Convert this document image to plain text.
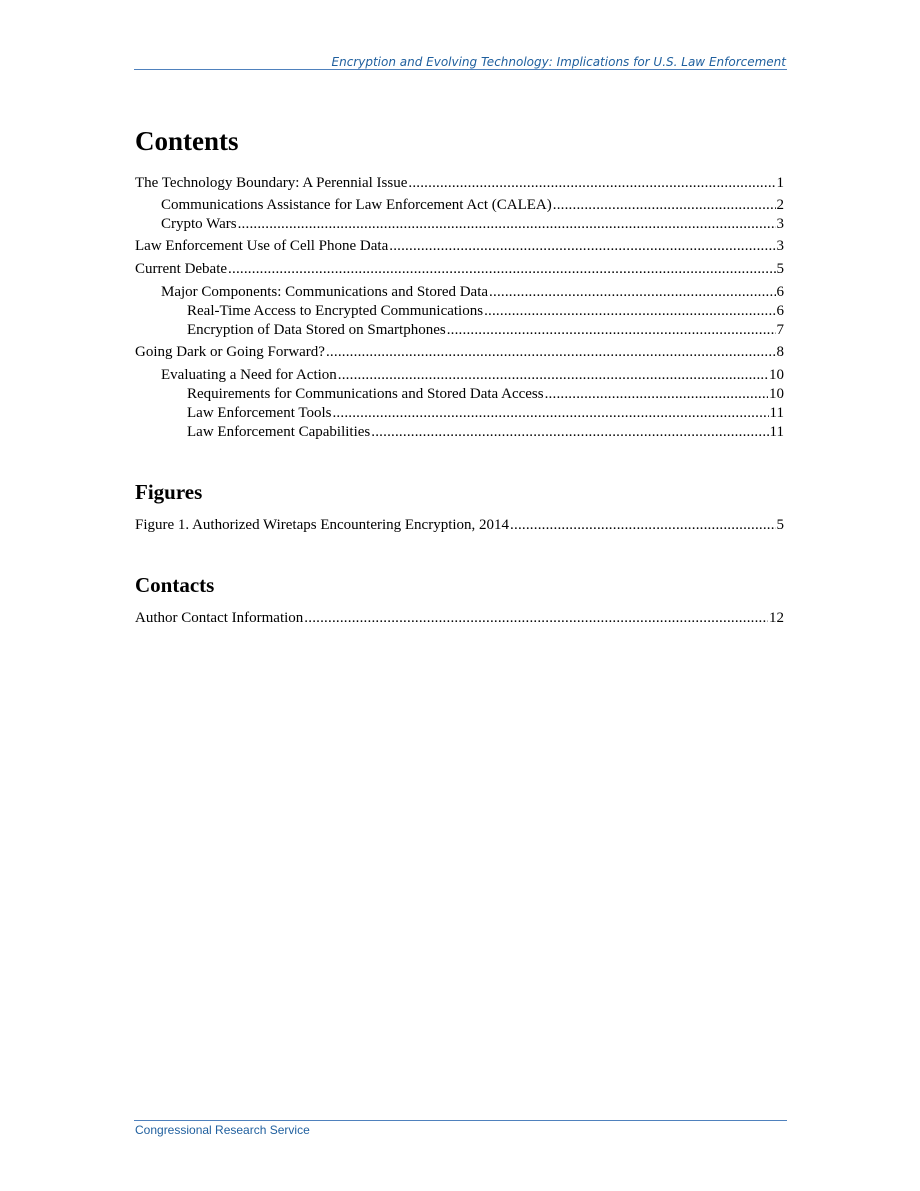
Encryption and Evolving Technology: Implications for U.S. Law Enforcement
Contents
The Technology Boundary: A Perennial Issue .....	1
Communications Assistance for Law Enforcement Act (CALEA) .....	2
Crypto Wars .....	3
Law Enforcement Use of Cell Phone Data .....	3
Current Debate .....	5
Major Components: Communications and Stored Data .....	6
Real-Time Access to Encrypted Communications .....	6
Encryption of Data Stored on Smartphones .....	7
Going Dark or Going Forward? .....	8
Evaluating a Need for Action .....	10
Requirements for Communications and Stored Data Access .....	10
Law Enforcement Tools .....	11
Law Enforcement Capabilities .....	11
Figures
Figure 1. Authorized Wiretaps Encountering Encryption, 2014 .....	5
Contacts
Author Contact Information .....	12
Congressional Research Service
